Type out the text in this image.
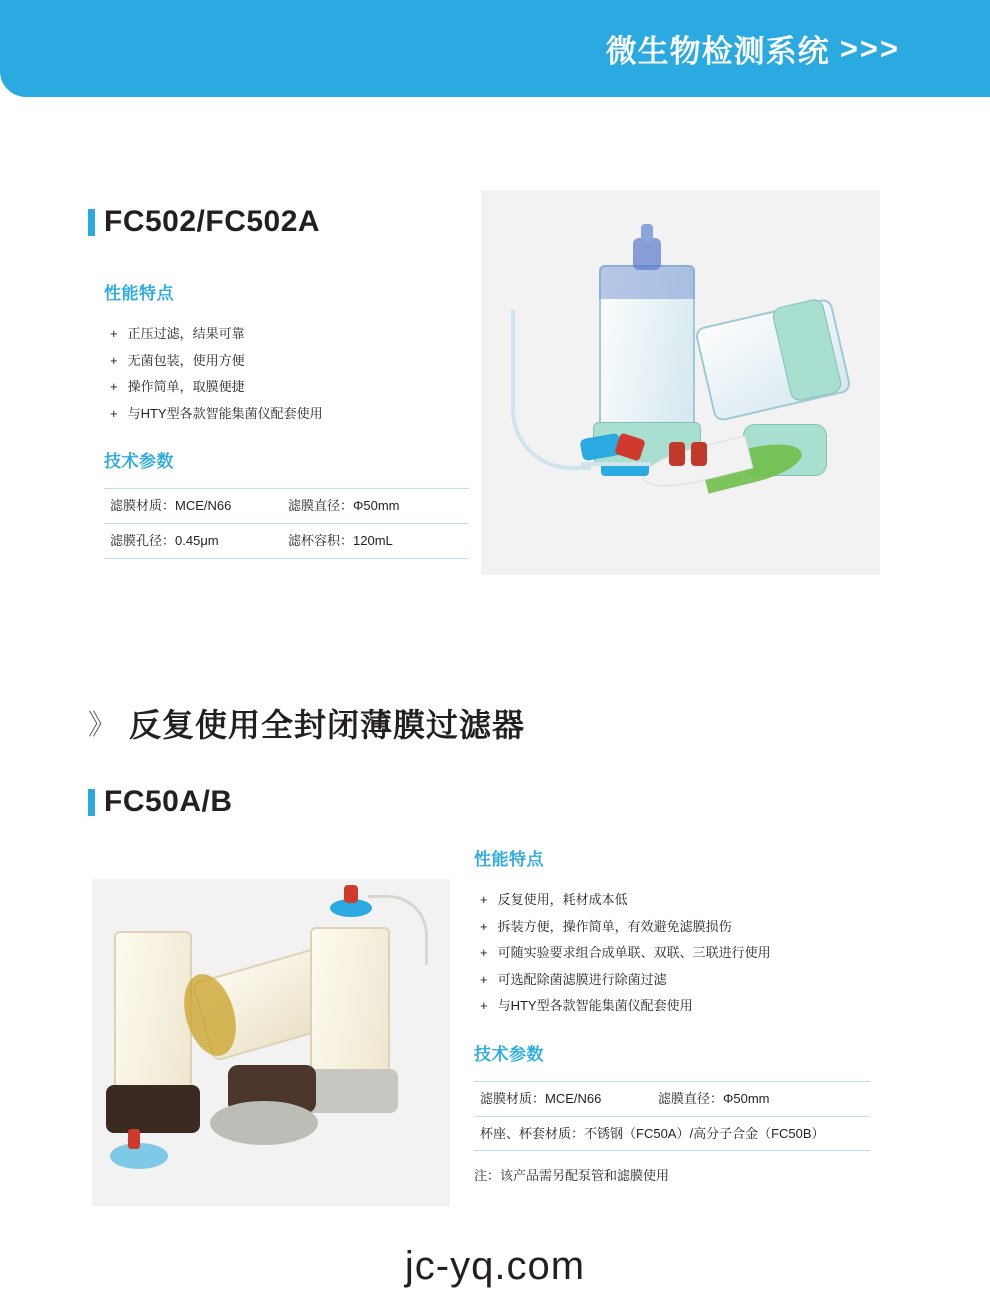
微生物检测系统 >>>
FC502/FC502A
性能特点
+ 正压过滤，结果可靠
+ 无菌包装，使用方便
+ 操作简单，取膜便捷
+ 与HTY型各款智能集菌仪配套使用
技术参数
滤膜材质：MCE/N66	滤膜直径：Φ50mm
滤膜孔径：0.45μm	滤杯容积：120mL
》 反复使用全封闭薄膜过滤器
FC50A/B
性能特点
+ 反复使用，耗材成本低
+ 拆装方便，操作简单，有效避免滤膜损伤
+ 可随实验要求组合成单联、双联、三联进行使用
+ 可选配除菌滤膜进行除菌过滤
+ 与HTY型各款智能集菌仪配套使用
技术参数
滤膜材质：MCE/N66	滤膜直径：Φ50mm
杯座、杯套材质：不锈钢（FC50A）/高分子合金（FC50B）
注：该产品需另配泵管和滤膜使用
jc-yq.com
